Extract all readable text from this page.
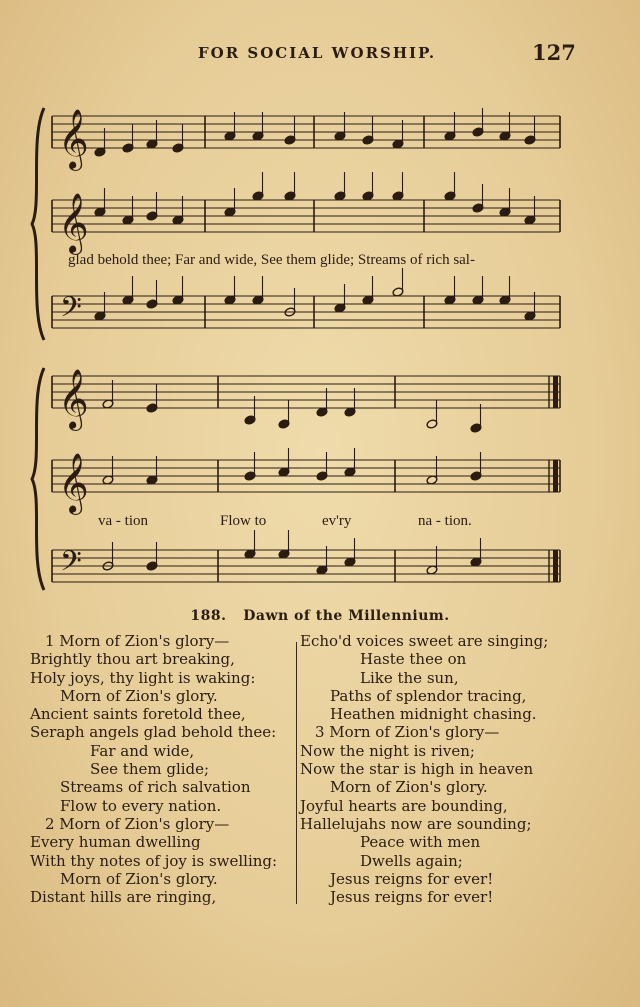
FOR SOCIAL WORSHIP.	127
𝄞
𝄞
𝄢
𝄞
𝄞
𝄢
glad behold thee; Far and wide, See them glide; Streams of rich sal-
va - tion	Flow to	ev'ry	na - tion.
188. Dawn of the Millennium.
1 Morn of Zion's glory—
Brightly thou art breaking,
Holy joys, thy light is waking:
Morn of Zion's glory.
Ancient saints foretold thee,
Seraph angels glad behold thee:
Far and wide,
See them glide;
Streams of rich salvation
Flow to every nation.
2 Morn of Zion's glory—
Every human dwelling
With thy notes of joy is swelling:
Morn of Zion's glory.
Distant hills are ringing,
Echo'd voices sweet are singing;
Haste thee on
Like the sun,
Paths of splendor tracing,
Heathen midnight chasing.
3 Morn of Zion's glory—
Now the night is riven;
Now the star is high in heaven
Morn of Zion's glory.
Joyful hearts are bounding,
Hallelujahs now are sounding;
Peace with men
Dwells again;
Jesus reigns for ever!
Jesus reigns for ever!
